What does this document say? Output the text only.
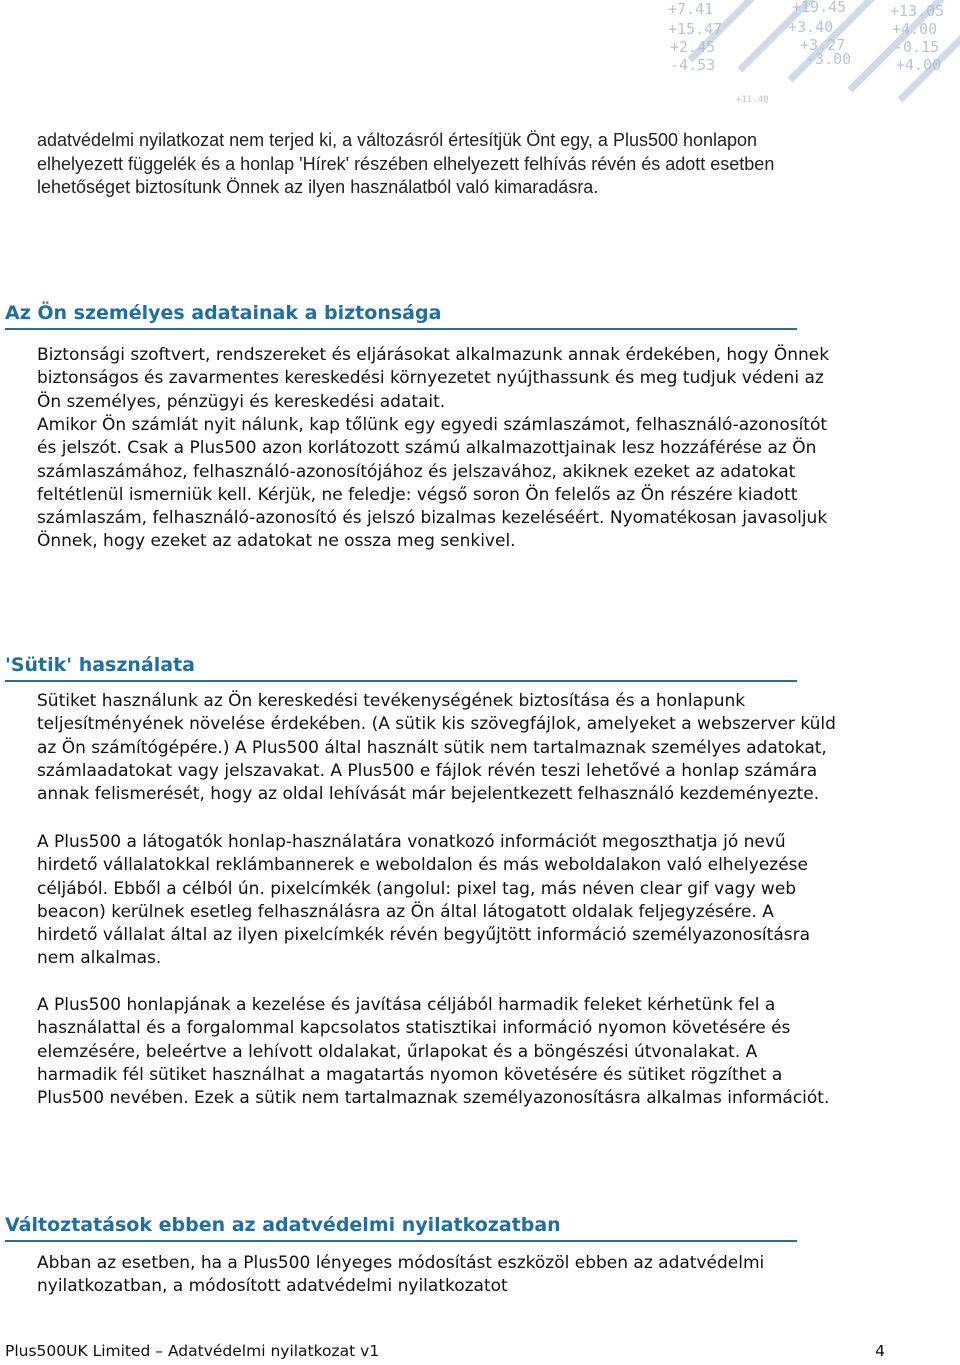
+7.41
+15.47
+2.45
-4.53
+19.45
+3.40
+3.27
-3.00
+13.05
+4.00
-0.15
+4.00
+11.40

adatvédelmi nyilatkozat nem terjed ki, a változásról értesítjük Önt egy, a Plus500 honlapon elhelyezett függelék és a honlap 'Hírek' részében elhelyezett felhívás révén és adott esetben lehetőséget biztosítunk Önnek az ilyen használatból való kimaradásra.

Az Ön személyes adatainak a biztonsága

Biztonsági szoftvert, rendszereket és eljárásokat alkalmazunk annak érdekében, hogy Önnek biztonságos és zavarmentes kereskedési környezetet nyújthassunk és meg tudjuk védeni az Ön személyes, pénzügyi és kereskedési adatait.

Amikor Ön számlát nyit nálunk, kap tőlünk egy egyedi számlaszámot, felhasználó-azonosítót és jelszót. Csak a Plus500 azon korlátozott számú alkalmazottjainak lesz hozzáférése az Ön számlaszámához, felhasználó-azonosítójához és jelszavához, akiknek ezeket az adatokat feltétlenül ismerniük kell. Kérjük, ne feledje: végső soron Ön felelős az Ön részére kiadott számlaszám, felhasználó-azonosító és jelszó bizalmas kezeléséért. Nyomatékosan javasoljuk Önnek, hogy ezeket az adatokat ne ossza meg senkivel.

'Sütik' használata

Sütiket használunk az Ön kereskedési tevékenységének biztosítása és a honlapunk teljesítményének növelése érdekében. (A sütik kis szövegfájlok, amelyeket a webszerver küld az Ön számítógépére.) A Plus500 által használt sütik nem tartalmaznak személyes adatokat, számlaadatokat vagy jelszavakat. A Plus500 e fájlok révén teszi lehetővé a honlap számára annak felismerését, hogy az oldal lehívását már bejelentkezett felhasználó kezdeményezte.

A Plus500 a látogatók honlap-használatára vonatkozó információt megoszthatja jó nevű hirdető vállalatokkal reklámbannerek e weboldalon és más weboldalakon való elhelyezése céljából. Ebből a célból ún. pixelcímkék (angolul: pixel tag, más néven clear gif vagy web beacon) kerülnek esetleg felhasználásra az Ön által látogatott oldalak feljegyzésére. A hirdető vállalat által az ilyen pixelcímkék révén begyűjtött információ személyazonosításra nem alkalmas.

A Plus500 honlapjának a kezelése és javítása céljából harmadik feleket kérhetünk fel a használattal és a forgalommal kapcsolatos statisztikai információ nyomon követésére és elemzésére, beleértve a lehívott oldalakat, űrlapokat és a böngészési útvonalakat. A harmadik fél sütiket használhat a magatartás nyomon követésére és sütiket rögzíthet a Plus500 nevében. Ezek a sütik nem tartalmaznak személyazonosításra alkalmas információt.

Változtatások ebben az adatvédelmi nyilatkozatban

Abban az esetben, ha a Plus500 lényeges módosítást eszközöl ebben az adatvédelmi nyilatkozatban, a módosított adatvédelmi nyilatkozatot

Plus500UK Limited – Adatvédelmi nyilatkozat v1	4
